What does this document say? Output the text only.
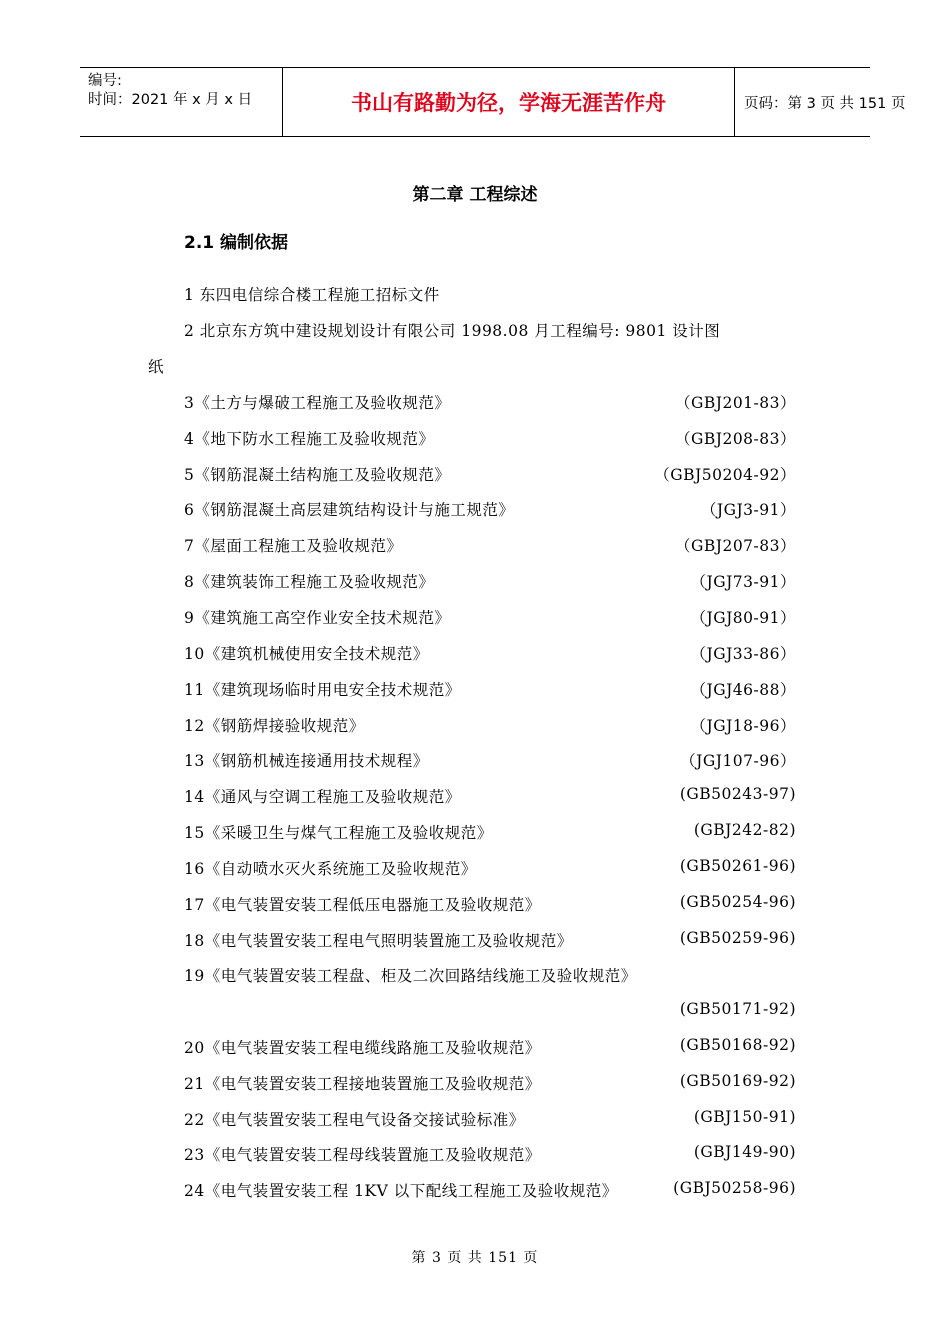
编号:
时间：2021 年 x 月 x 日	书山有路勤为径，学海无涯苦作舟	页码：第 3 页 共 151 页
第二章 工程综述
2.1 编制依据
1 东四电信综合楼工程施工招标文件
2 北京东方筑中建设规划设计有限公司 1998.08 月工程编号: 9801 设计图
纸
3《土方与爆破工程施工及验收规范》	（GBJ201-83）
4《地下防水工程施工及验收规范》	（GBJ208-83）
5《钢筋混凝土结构施工及验收规范》	（GBJ50204-92）
6《钢筋混凝土高层建筑结构设计与施工规范》	（JGJ3-91）
7《屋面工程施工及验收规范》	（GBJ207-83）
8《建筑装饰工程施工及验收规范》	（JGJ73-91）
9《建筑施工高空作业安全技术规范》	（JGJ80-91）
10《建筑机械使用安全技术规范》	（JGJ33-86）
11《建筑现场临时用电安全技术规范》	（JGJ46-88）
12《钢筋焊接验收规范》	（JGJ18-96）
13《钢筋机械连接通用技术规程》	（JGJ107-96）
14《通风与空调工程施工及验收规范》	(GB50243-97)
15《采暖卫生与煤气工程施工及验收规范》	(GBJ242-82)
16《自动喷水灭火系统施工及验收规范》	(GB50261-96)
17《电气装置安装工程低压电器施工及验收规范》	(GB50254-96)
18《电气装置安装工程电气照明装置施工及验收规范》	(GB50259-96)
19《电气装置安装工程盘、柜及二次回路结线施工及验收规范》
(GB50171-92)
20《电气装置安装工程电缆线路施工及验收规范》	(GB50168-92)
21《电气装置安装工程接地装置施工及验收规范》	(GB50169-92)
22《电气装置安装工程电气设备交接试验标准》	(GBJ150-91)
23《电气装置安装工程母线装置施工及验收规范》	(GBJ149-90)
24《电气装置安装工程 1KV 以下配线工程施工及验收规范》	(GBJ50258-96)
第 3 页 共 151 页
